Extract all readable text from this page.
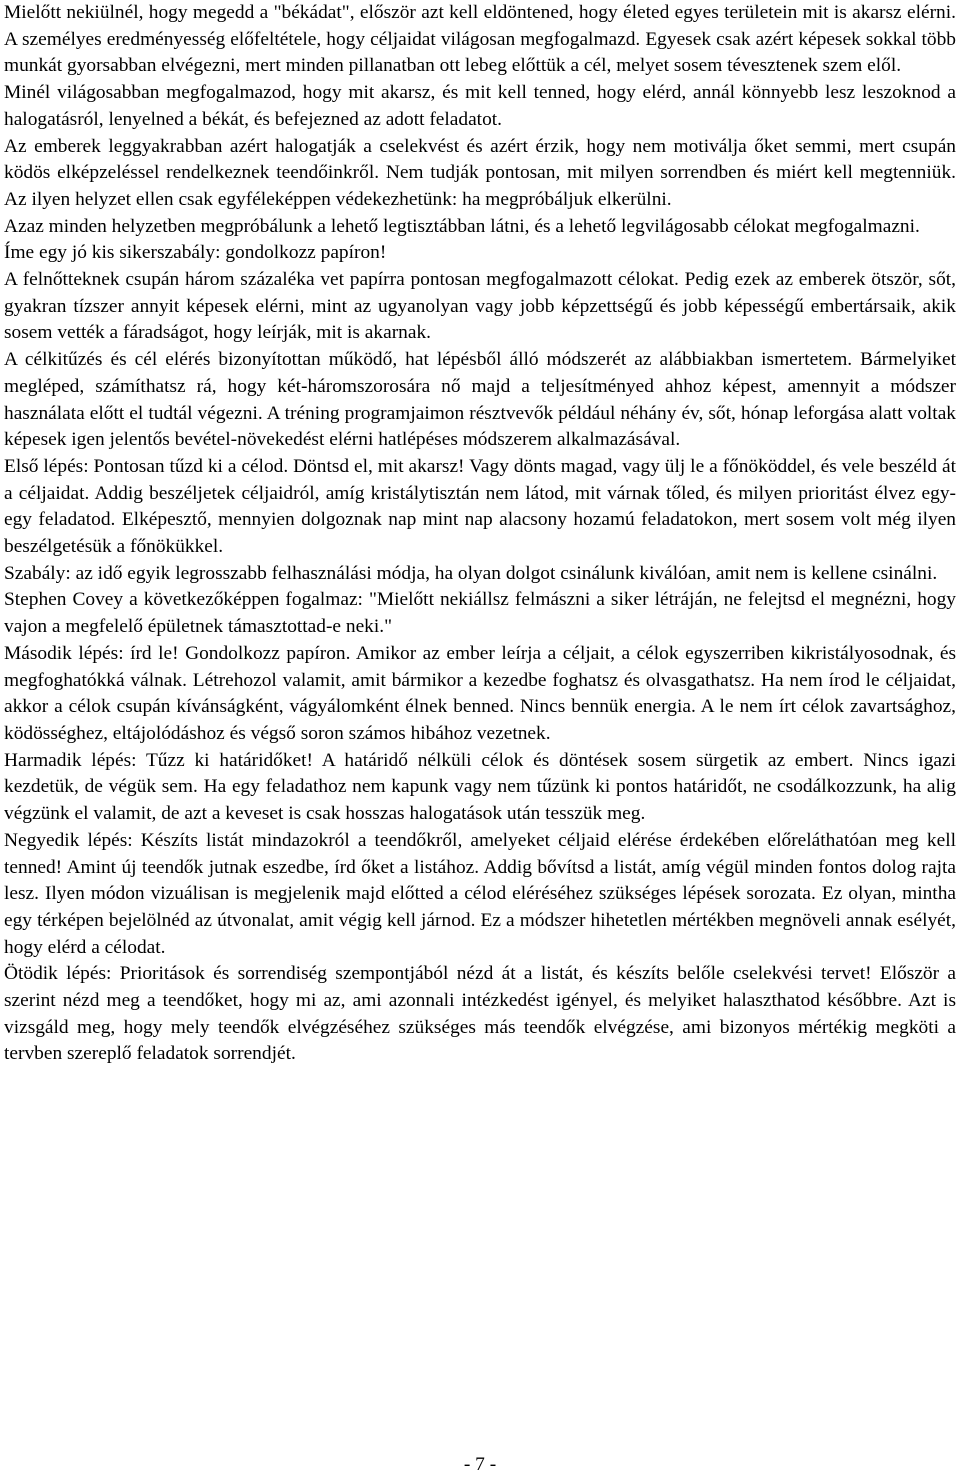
Mielőtt nekiülnél, hogy megedd a "békádat", először azt kell eldöntened, hogy életed egyes területein mit is akarsz elérni. A személyes eredményesség előfeltétele, hogy céljaidat világosan megfogalmazd. Egyesek csak azért képesek sokkal több munkát gyorsabban elvégezni, mert minden pillanatban ott lebeg előttük a cél, melyet sosem tévesztenek szem elől.

Minél világosabban megfogalmazod, hogy mit akarsz, és mit kell tenned, hogy elérd, annál könnyebb lesz leszoknod a halogatásról, lenyelned a békát, és befejezned az adott feladatot.

Az emberek leggyakrabban azért halogatják a cselekvést és azért érzik, hogy nem motiválja őket semmi, mert csupán ködös elképzeléssel rendelkeznek teendőinkről. Nem tudják pontosan, mit milyen sorrendben és miért kell megtenniük. Az ilyen helyzet ellen csak egyféleképpen védekezhetünk: ha megpróbáljuk elkerülni.

Azaz minden helyzetben megpróbálunk a lehető legtisztábban látni, és a lehető legvilágosabb célokat megfogalmazni.

Íme egy jó kis sikerszabály: gondolkozz papíron!

A felnőtteknek csupán három százaléka vet papírra pontosan megfogalmazott célokat. Pedig ezek az emberek ötször, sőt, gyakran tízszer annyit képesek elérni, mint az ugyanolyan vagy jobb képzettségű és jobb képességű embertársaik, akik sosem vették a fáradságot, hogy leírják, mit is akarnak.

A célkitűzés és cél elérés bizonyítottan működő, hat lépésből álló módszerét az alábbiakban ismertetem. Bármelyiket megléped, számíthatsz rá, hogy két-háromszorosára nő majd a teljesítményed ahhoz képest, amennyit a módszer használata előtt el tudtál végezni. A tréning programjaimon résztvevők például néhány év, sőt, hónap leforgása alatt voltak képesek igen jelentős bevétel-növekedést elérni hatlépéses módszerem alkalmazásával.

Első lépés: Pontosan tűzd ki a célod. Döntsd el, mit akarsz! Vagy dönts magad, vagy ülj le a főnököddel, és vele beszéld át a céljaidat. Addig beszéljetek céljaidról, amíg kristálytisztán nem látod, mit várnak tőled, és milyen prioritást élvez egy-egy feladatod. Elképesztő, mennyien dolgoznak nap mint nap alacsony hozamú feladatokon, mert sosem volt még ilyen beszélgetésük a főnökükkel.

Szabály: az idő egyik legrosszabb felhasználási módja, ha olyan dolgot csinálunk kiválóan, amit nem is kellene csinálni.

Stephen Covey a következőképpen fogalmaz: "Mielőtt nekiállsz felmászni a siker létráján, ne felejtsd el megnézni, hogy vajon a megfelelő épületnek támasztottad-e neki."

Második lépés: írd le! Gondolkozz papíron. Amikor az ember leírja a céljait, a célok egyszerriben kikristályosodnak, és megfoghatókká válnak. Létrehozol valamit, amit bármikor a kezedbe foghatsz és olvasgathatsz. Ha nem írod le céljaidat, akkor a célok csupán kívánságként, vágyálomként élnek benned. Nincs bennük energia. A le nem írt célok zavartsághoz, ködösséghez, eltájolódáshoz és végső soron számos hibához vezetnek.

Harmadik lépés: Tűzz ki határidőket! A határidő nélküli célok és döntések sosem sürgetik az embert. Nincs igazi kezdetük, de végük sem. Ha egy feladathoz nem kapunk vagy nem tűzünk ki pontos határidőt, ne csodálkozzunk, ha alig végzünk el valamit, de azt a keveset is csak hosszas halogatások után tesszük meg.

Negyedik lépés: Készíts listát mindazokról a teendőkről, amelyeket céljaid elérése érdekében előreláthatóan meg kell tenned! Amint új teendők jutnak eszedbe, írd őket a listához. Addig bővítsd a listát, amíg végül minden fontos dolog rajta lesz. Ilyen módon vizuálisan is megjelenik majd előtted a célod eléréséhez szükséges lépések sorozata. Ez olyan, mintha egy térképen bejelölnéd az útvonalat, amit végig kell járnod. Ez a módszer hihetetlen mértékben megnöveli annak esélyét, hogy elérd a célodat.

Ötödik lépés: Prioritások és sorrendiség szempontjából nézd át a listát, és készíts belőle cselekvési tervet! Először a szerint nézd meg a teendőket, hogy mi az, ami azonnali intézkedést igényel, és melyiket halaszthatod későbbre. Azt is vizsgáld meg, hogy mely teendők elvégzéséhez szükséges más teendők elvégzése, ami bizonyos mértékig megköti a tervben szereplő feladatok sorrendjét.

- 7 -
